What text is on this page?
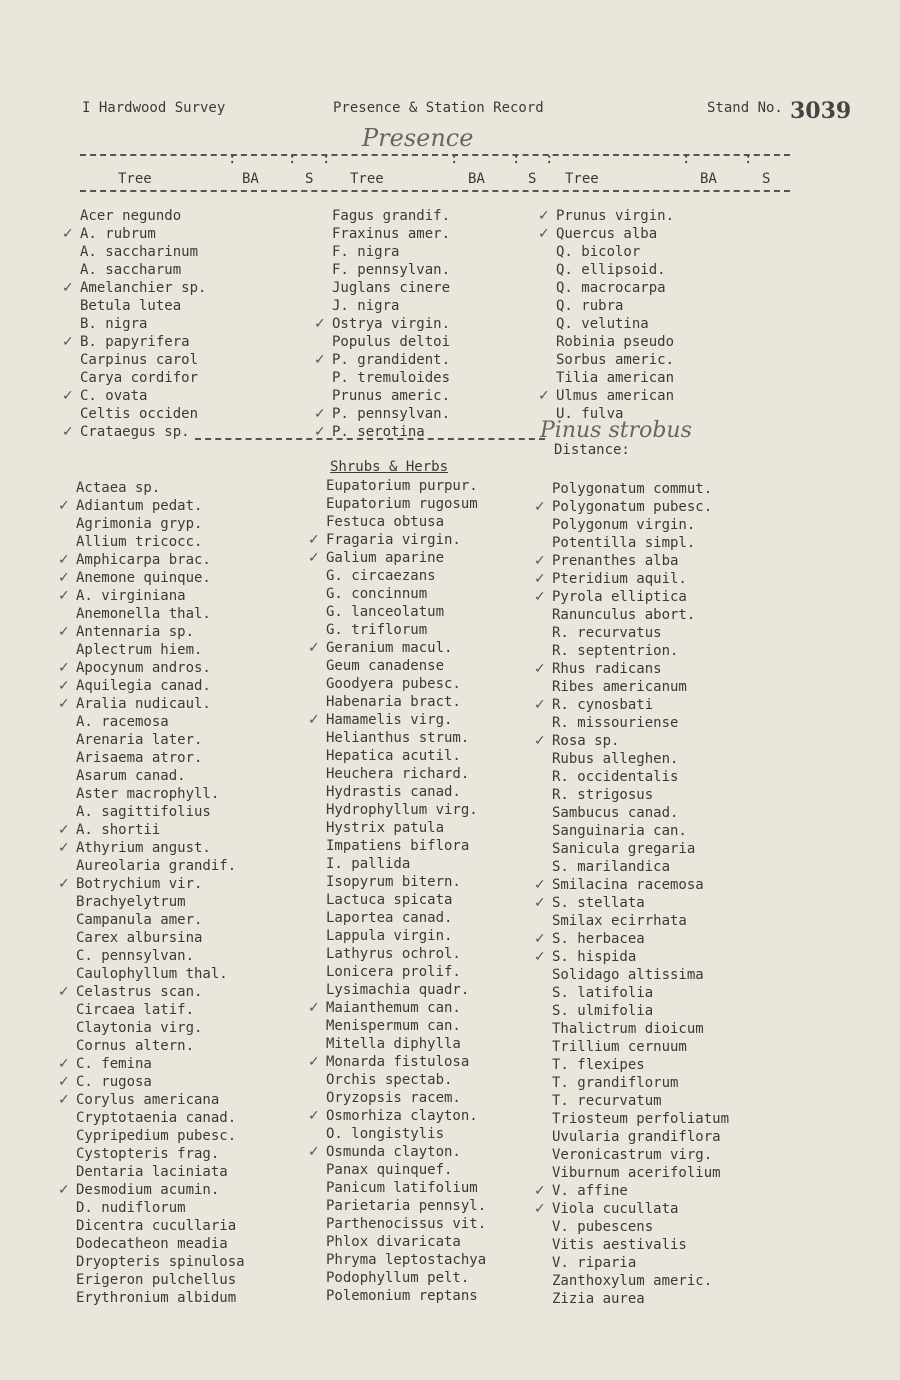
I Hardwood Survey	Presence & Station Record	Stand No. 3039
Presence
:	: :	:	: :	:	:
Tree	BA	S	Tree	BA	S Tree	BA	S
Acer negundo
✓ A. rubrum
A. saccharinum
A. saccharum
✓ Amelanchier sp.
Betula lutea
B. nigra
✓ B. papyrifera
Carpinus carol
Carya cordifor
✓ C. ovata
Celtis occiden
✓ Crataegus sp.
Fagus grandif.
Fraxinus amer.
F. nigra
F. pennsylvan.
Juglans cinere
J. nigra
✓ Ostrya virgin.
Populus deltoi
✓ P. grandident.
P. tremuloides
Prunus americ.
✓ P. pennsylvan.
✓ P. serotina
✓ Prunus virgin.
✓ Quercus alba
Q. bicolor
Q. ellipsoid.
Q. macrocarpa
Q. rubra
Q. velutina
Robinia pseudo
Sorbus americ.
Tilia american
✓ Ulmus american
U. fulva
Pinus strobus
Distance:
Shrubs & Herbs
Actaea sp.
✓ Adiantum pedat.
Agrimonia gryp.
Allium tricocc.
✓ Amphicarpa brac.
✓ Anemone quinque.
✓ A. virginiana
Anemonella thal.
✓ Antennaria sp.
Aplectrum hiem.
✓ Apocynum andros.
✓ Aquilegia canad.
✓ Aralia nudicaul.
A. racemosa
Arenaria later.
Arisaema atror.
Asarum canad.
Aster macrophyll.
A. sagittifolius
✓ A. shortii
✓ Athyrium angust.
Aureolaria grandif.
✓ Botrychium vir.
Brachyelytrum
Campanula amer.
Carex albursina
C. pennsylvan.
Caulophyllum thal.
✓ Celastrus scan.
Circaea latif.
Claytonia virg.
Cornus altern.
✓ C. femina
✓ C. rugosa
✓ Corylus americana
Cryptotaenia canad.
Cypripedium pubesc.
Cystopteris frag.
Dentaria laciniata
✓ Desmodium acumin.
D. nudiflorum
Dicentra cucullaria
Dodecatheon meadia
Dryopteris spinulosa
Erigeron pulchellus
Erythronium albidum
Eupatorium purpur.
Eupatorium rugosum
Festuca obtusa
✓ Fragaria virgin.
✓ Galium aparine
G. circaezans
G. concinnum
G. lanceolatum
G. triflorum
✓ Geranium macul.
Geum canadense
Goodyera pubesc.
Habenaria bract.
✓ Hamamelis virg.
Helianthus strum.
Hepatica acutil.
Heuchera richard.
Hydrastis canad.
Hydrophyllum virg.
Hystrix patula
Impatiens biflora
I. pallida
Isopyrum bitern.
Lactuca spicata
Laportea canad.
Lappula virgin.
Lathyrus ochrol.
Lonicera prolif.
Lysimachia quadr.
✓ Maianthemum can.
Menispermum can.
Mitella diphylla
✓ Monarda fistulosa
Orchis spectab.
Oryzopsis racem.
✓ Osmorhiza clayton.
O. longistylis
✓ Osmunda clayton.
Panax quinquef.
Panicum latifolium
Parietaria pennsyl.
Parthenocissus vit.
Phlox divaricata
Phryma leptostachya
Podophyllum pelt.
Polemonium reptans
Polygonatum commut.
✓ Polygonatum pubesc.
Polygonum virgin.
Potentilla simpl.
✓ Prenanthes alba
✓ Pteridium aquil.
✓ Pyrola elliptica
Ranunculus abort.
R. recurvatus
R. septentrion.
✓ Rhus radicans
Ribes americanum
✓ R. cynosbati
R. missouriense
✓ Rosa sp.
Rubus alleghen.
R. occidentalis
R. strigosus
Sambucus canad.
Sanguinaria can.
Sanicula gregaria
S. marilandica
✓ Smilacina racemosa
✓ S. stellata
Smilax ecirrhata
✓ S. herbacea
✓ S. hispida
Solidago altissima
S. latifolia
S. ulmifolia
Thalictrum dioicum
Trillium cernuum
T. flexipes
T. grandiflorum
T. recurvatum
Triosteum perfoliatum
Uvularia grandiflora
Veronicastrum virg.
Viburnum acerifolium
✓ V. affine
✓ Viola cucullata
V. pubescens
Vitis aestivalis
V. riparia
Zanthoxylum americ.
Zizia aurea
